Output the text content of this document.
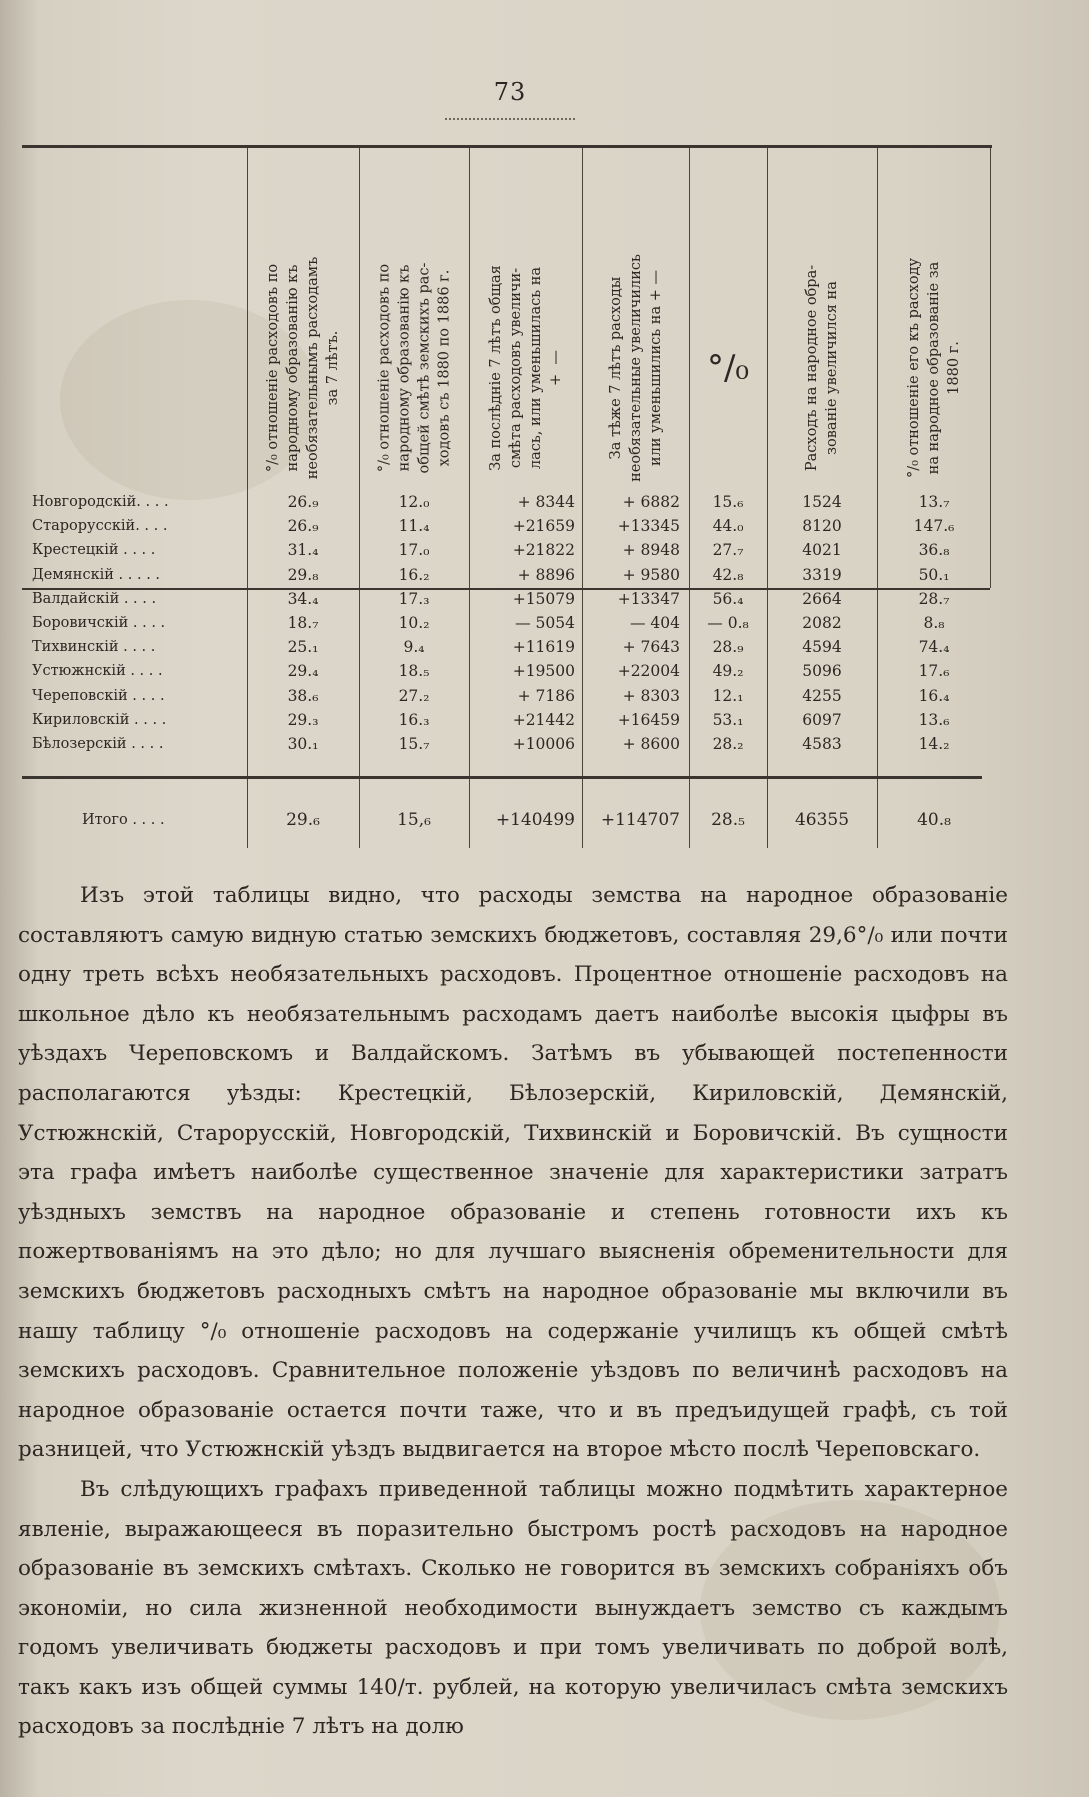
73
°/₀ отношеніе расходовъ по
народному образованію къ
необязательнымъ расходамъ
за 7 лѣтъ.
°/₀ отношеніе расходовъ по
народному образованію къ
общей смѣтѣ земскихъ рас-
ходовъ съ 1880 по 1886 г.
За послѣдніе 7 лѣтъ общая
смѣта расходовъ увеличи-
лась, или уменьшилась на
+  —
За тѣже 7 лѣтъ расходы
необязательные увеличились
или уменьшились на + —
°/₀
Расходъ на народное обра-
зованіе увеличился на
°/₀ отношеніе его къ расходу
на народное образованіе за
1880 г.
Новгородскій. . . .	26.₉	12.₀	+ 8344	+ 6882	15.₆	1524	13.₇
Старорусскій. . . .	26.₉	11.₄	+21659	+13345	44.₀	8120	147.₆
Крестецкій . . . .	31.₄	17.₀	+21822	+ 8948	27.₇	4021	36.₈
Демянскій . . . . .	29.₈	16.₂	+ 8896	+ 9580	42.₈	3319	50.₁
Валдайскій . . . .	34.₄	17.₃	+15079	+13347	56.₄	2664	28.₇
Боровичскій . . . .	18.₇	10.₂	— 5054	— 404	— 0.₈	2082	8.₈
Тихвинскій . . . .	25.₁	9.₄	+11619	+ 7643	28.₉	4594	74.₄
Устюжнскій . . . .	29.₄	18.₅	+19500	+22004	49.₂	5096	17.₆
Череповскій . . . .	38.₆	27.₂	+ 7186	+ 8303	12.₁	4255	16.₄
Кириловскій . . . .	29.₃	16.₃	+21442	+16459	53.₁	6097	13.₆
Бѣлозерскій . . . .	30.₁	15.₇	+10006	+ 8600	28.₂	4583	14.₂
Итого . . . .	29.₆	15,₆	+140499	+114707	28.₅	46355	40.₈

Изъ этой таблицы видно, что расходы земства на народное образованіе составляютъ самую видную статью земскихъ бюджетовъ, составляя 29,6°/₀ или почти одну треть всѣхъ необязательныхъ расходовъ. Процентное отношеніе расходовъ на школьное дѣло къ необязательнымъ расходамъ даетъ наиболѣе высокія цыфры въ уѣздахъ Череповскомъ и Валдайскомъ. Затѣмъ въ убывающей постепенности располагаются уѣзды: Крестецкій, Бѣлозерскій, Кириловскій, Демянскій, Устюжнскій, Старорусскій, Новгородскій, Тихвинскій и Боровичскій. Въ сущности эта графа имѣетъ наиболѣе существенное значеніе для характеристики затратъ уѣздныхъ земствъ на народное образованіе и степень готовности ихъ къ пожертвованіямъ на это дѣло; но для лучшаго выясненія обременительности для земскихъ бюджетовъ расходныхъ смѣтъ на народное образованіе мы включили въ нашу таблицу °/₀ отношеніе расходовъ на содержаніе училищъ къ общей смѣтѣ земскихъ расходовъ. Сравнительное положеніе уѣздовъ по величинѣ расходовъ на народное образованіе остается почти таже, что и въ предъидущей графѣ, съ той разницей, что Устюжнскій уѣздъ выдвигается на второе мѣсто послѣ Череповскаго.

Въ слѣдующихъ графахъ приведенной таблицы можно подмѣтить характерное явленіе, выражающееся въ поразительно быстромъ ростѣ расходовъ на народное образованіе въ земскихъ смѣтахъ. Сколько не говорится въ земскихъ собраніяхъ объ экономіи, но сила жизненной необходимости вынуждаетъ земство съ каждымъ годомъ увеличивать бюджеты расходовъ и при томъ увеличивать по доброй волѣ, такъ какъ изъ общей суммы 140/т. рублей, на которую увеличиласъ смѣта земскихъ расходовъ за послѣдніе 7 лѣтъ на долю
